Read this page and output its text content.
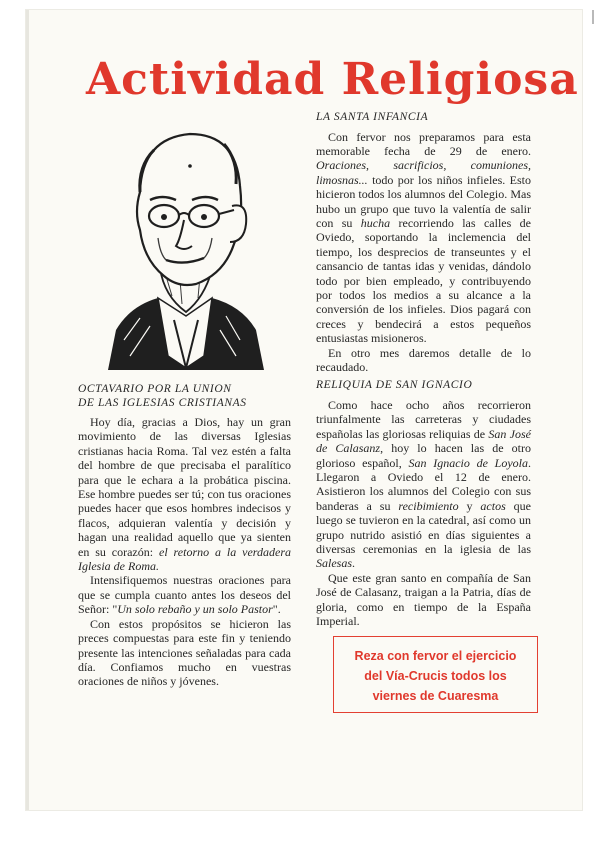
Actividad Religiosa
OCTAVARIO POR LA UNION
DE LAS IGLESIAS CRISTIANAS

Hoy día, gracias a Dios, hay un gran movimiento de las diversas Iglesias cristianas hacia Roma. Tal vez estén a falta del hombre de que precisaba el paralítico para que le echara a la probática piscina. Ese hombre puedes ser tú; con tus oraciones puedes hacer que esos hombres indecisos y flacos, adquieran valentía y decisión y hagan una realidad aquello que ya sienten en su corazón: el retorno a la verdadera Iglesia de Roma.

Intensifiquemos nuestras oraciones para que se cumpla cuanto antes los deseos del Señor: "Un solo rebaño y un solo Pastor".

Con estos propósitos se hicieron las preces compuestas para este fin y teniendo presente las intenciones señaladas para cada día. Confiamos mucho en vuestras oraciones de niños y jóvenes.

LA SANTA INFANCIA

Con fervor nos preparamos para esta memorable fecha de 29 de enero. Oraciones, sacrificios, comuniones, limosnas... todo por los niños infieles. Esto hicieron todos los alumnos del Colegio. Mas hubo un grupo que tuvo la valentía de salir con su hucha recorriendo las calles de Oviedo, soportando la inclemencia del tiempo, los desprecios de transeuntes y el cansancio de tantas idas y venidas, dándolo todo por bien empleado, y contribuyendo por todos los medios a su alcance a la conversión de los infieles. Dios pagará con creces y bendecirá a estos pequeños entusiastas misioneros.

En otro mes daremos detalle de lo recaudado.

RELIQUIA DE SAN IGNACIO

Como hace ocho años recorrieron triunfalmente las carreteras y ciudades españolas las gloriosas reliquias de San José de Calasanz, hoy lo hacen las de otro glorioso español, San Ignacio de Loyola. Llegaron a Oviedo el 12 de enero. Asistieron los alumnos del Colegio con sus banderas a su recibimiento y actos que luego se tuvieron en la catedral, así como un grupo nutrido asistió en días siguientes a diversas ceremonias en la iglesia de las Salesas.

Que este gran santo en compañía de San José de Calasanz, traigan a la Patria, días de gloria, como en tiempo de la España Imperial.

Reza con fervor el ejercicio
del Vía-Crucis todos los
viernes de Cuaresma
